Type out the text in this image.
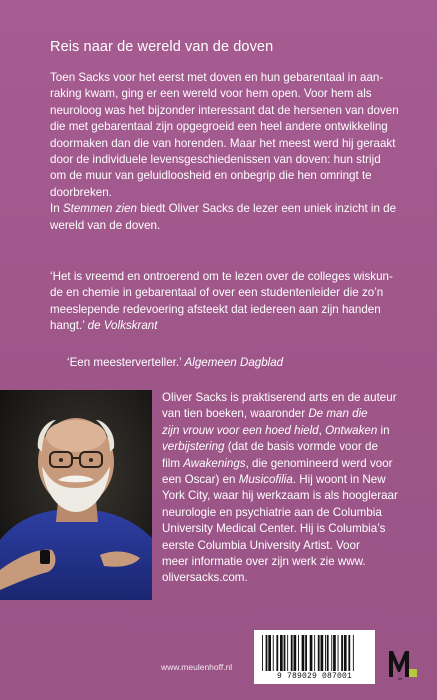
Reis naar de wereld van de doven

Toen Sacks voor het eerst met doven en hun gebarentaal in aan-
raking kwam, ging er een wereld voor hem open. Voor hem als
neuroloog was het bijzonder interessant dat de hersenen van doven
die met gebarentaal zijn opgegroeid een heel andere ontwikkeling
doormaken dan die van horenden. Maar het meest werd hij geraakt
door de individuele levensgeschiedenissen van doven: hun strijd
om de muur van geluidloosheid en onbegrip die hen omringt te
doorbreken.

In Stemmen zien biedt Oliver Sacks de lezer een uniek inzicht in de
wereld van de doven.

‘Het is vreemd en ontroerend om te lezen over de colleges wiskun-
de en chemie in gebarentaal of over een studentenleider die zo’n
meeslepende redevoering afsteekt dat iedereen aan zijn handen
hangt.’ de Volkskrant
‘Een meesterverteller.’ Algemeen Dagblad

Oliver Sacks is praktiserend arts en de auteur
van tien boeken, waaronder De man die
zijn vrouw voor een hoed hield, Ontwaken in
verbijstering (dat de basis vormde voor de
film Awakenings, die genomineerd werd voor
een Oscar) en Musicofilia. Hij woont in New
York City, waar hij werkzaam is als hoogleraar
neurologie en psychiatrie aan de Columbia
University Medical Center. Hij is Columbia’s
eerste Columbia University Artist. Voor
meer informatie over zijn werk zie www.
oliversacks.com.

www.meulenhoff.nl
9 789029 087001	M
